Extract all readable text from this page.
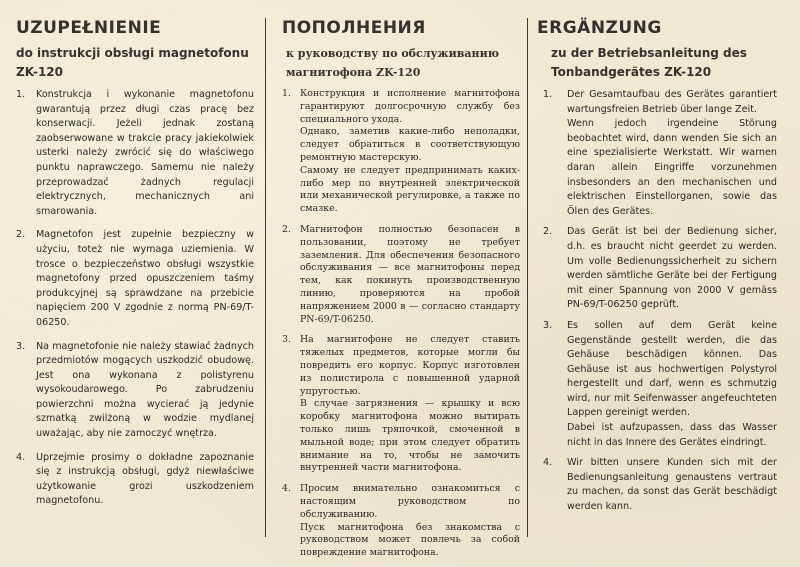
UZUPEŁNIENIE
do instrukcji obsługi magnetofonu ZK-120
1. Konstrukcja i wykonanie magnetofonu gwarantują przez długi czas pracę bez konserwacji. Jeżeli jednak zostaną zaobserwowane w trakcie pracy jakiekolwiek usterki należy zwrócić się do właściwego punktu naprawczego. Samemu nie należy przeprowadzać żadnych regulacji elektrycznych, mechanicznych ani smarowania.
2. Magnetofon jest zupełnie bezpieczny w użyciu, toteż nie wymaga uziemienia. W trosce o bezpieczeństwo obsługi wszystkie magnetofony przed opuszczeniem taśmy produkcyjnej są sprawdzane na przebicie napięciem 200 V zgodnie z normą PN-69/T-06250.
3. Na magnetofonie nie należy stawiać żadnych przedmiotów mogących uszkodzić obudowę. Jest ona wykonana z polistyrenu wysokoudarowego. Po zabrudzeniu powierzchni można wycierać ją jedynie szmatką zwilżoną w wodzie mydlanej uważając, aby nie zamoczyć wnętrza.
4. Uprzejmie prosimy o dokładne zapoznanie się z instrukcją obsługi, gdyż niewłaściwe użytkowanie grozi uszkodzeniem magnetofonu.
ПОПОЛНЕНИЯ
к руководству по обслуживанию магнитофона ZK-120
1. Конструкция и исполнение магнитофона гарантируют долгосрочную службу без специального ухода.
Однако, заметив какие-либо неполадки, следует обратиться в соответствующую ремонтную мастерскую.
Самому не следует предпринимать каких-либо мер по внутренней электрической или механической регулировке, а также по смазке.
2. Магнитофон полностью безопасен в пользовании, поэтому не требует заземления. Для обеспечения безопасного обслуживания — все магнитофоны перед тем, как покинуть производственную линию, проверяются на пробой напряжением 2000 в — согласно стандарту PN-69/T-06250.
3. На магнитофоне не следует ставить тяжелых предметов, которые могли бы повредить его корпус. Корпус изготовлен из полистирола с повышенной ударной упругостью.
В случае загрязнения — крышку и всю коробку магнитофона можно вытирать только лишь тряпочкой, смоченной в мыльной воде; при этом следует обратить внимание на то, чтобы не замочить внутренней части магнитофона.
4. Просим внимательно ознакомиться с настоящим руководством по обслуживанию.
Пуск магнитофона без знакомства с руководством может повлечь за собой повреждение магнитофона.
ERGÄNZUNG
zu der Betriebsanleitung des Tonbandgerätes ZK-120
1. Der Gesamtaufbau des Gerätes garantiert wartungsfreien Betrieb über lange Zeit.
Wenn jedoch irgendeine Störung beobachtet wird, dann wenden Sie sich an eine spezialisierte Werkstatt. Wir warnen daran allein Eingriffe vorzunehmen insbesonders an den mechanischen und elektrischen Einstellorganen, sowie das Ölen des Gerätes.
2. Das Gerät ist bei der Bedienung sicher, d.h. es braucht nicht geerdet zu werden. Um volle Bedienungssicherheit zu sichern werden sämtliche Geräte bei der Fertigung mit einer Spannung von 2000 V gemäss PN-69/T-06250 geprüft.
3. Es sollen auf dem Gerät keine Gegenstände gestellt werden, die das Gehäuse beschädigen können. Das Gehäuse ist aus hochwertigen Polystyrol hergestellt und darf, wenn es schmutzig wird, nur mit Seifenwasser angefeuchteten Lappen gereinigt werden.
Dabei ist aufzupassen, dass das Wasser nicht in das Innere des Gerätes eindringt.
4. Wir bitten unsere Kunden sich mit der Bedienungsanleitung genaustens vertraut zu machen, da sonst das Gerät beschädigt werden kann.
